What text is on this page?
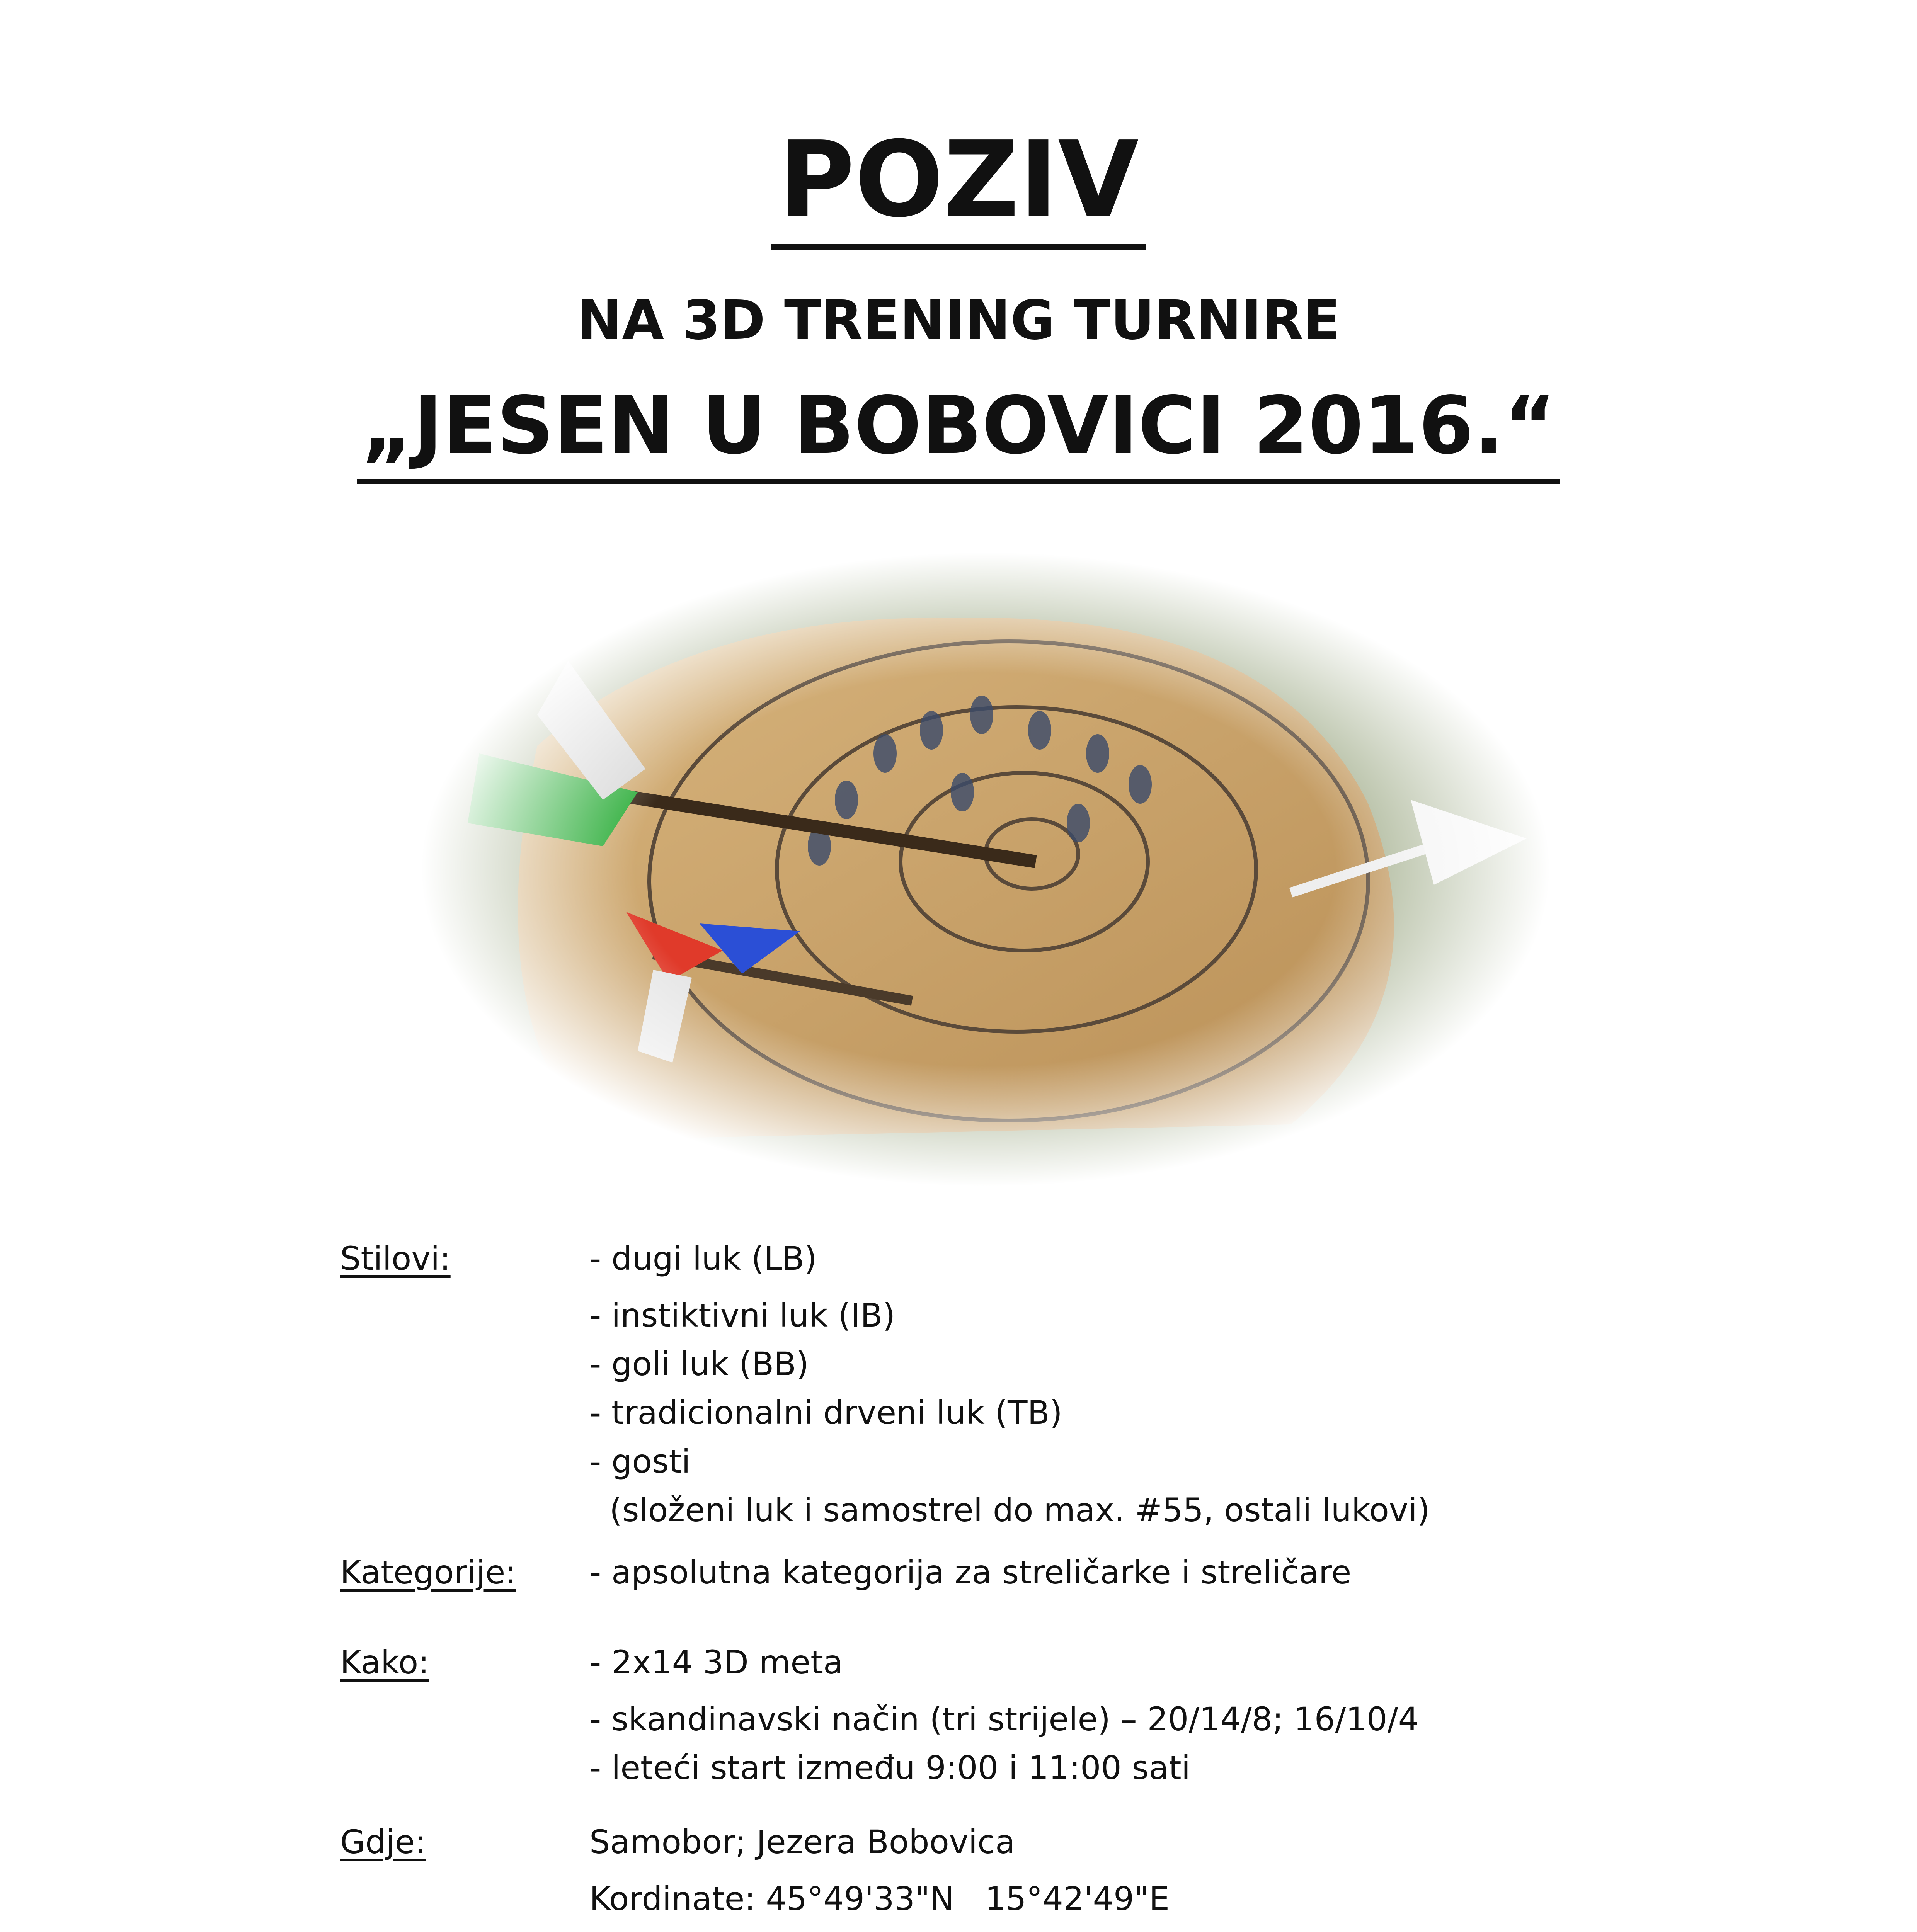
POZIV
NA 3D TRENING TURNIRE
„JESEN U BOBOVICI 2016.“
Stilovi:	- dugi luk (LB)
- instiktivni luk (IB)
- goli luk (BB)
- tradicionalni drveni luk (TB)
- gosti
(složeni luk i samostrel do max. #55, ostali lukovi)
Kategorije: - apsolutna kategorija za streličarke i streličare
Kako:	- 2x14 3D meta
- skandinavski način (tri strijele) – 20/14/8; 16/10/4
- leteći start između 9:00 i 11:00 sati
Gdje:	Samobor; Jezera Bobovica
Kordinate: 45°49'33"N   15°42'49"E
